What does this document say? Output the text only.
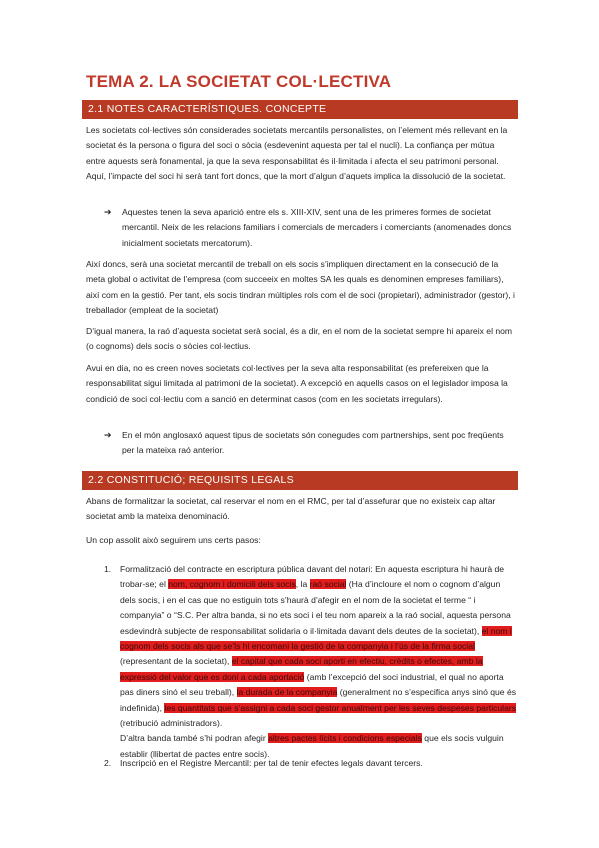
TEMA 2. LA SOCIETAT COL·LECTIVA
2.1 NOTES CARACTERÍSTIQUES. CONCEPTE

Les societats col·lectives són considerades societats mercantils personalistes, on l’element més rellevant en la societat és la persona o figura del soci o sòcia (esdevenint aquesta per tal el nucli). La confiança per mútua entre aquests serà fonamental, ja que la seva responsabilitat és il·limitada i afecta el seu patrimoni personal. Aquí, l’impacte del soci hi serà tant fort doncs, que la mort d’algun d’aquets implica la dissolució de la societat.

➔ Aquestes tenen la seva aparició entre els s. XIII-XIV, sent una de les primeres formes de societat mercantil. Neix de les relacions familiars i comercials de mercaders i comerciants (anomenades doncs inicialment societats mercatorum).

Així doncs, serà una societat mercantil de treball on els socis s’impliquen directament en la consecució de la meta global o activitat de l’empresa (com succeeix en moltes SA les quals es denominen empreses familiars), així com en la gestió. Per tant, els socis tindran múltiples rols com el de soci (propietari), administrador (gestor), i treballador (empleat de la societat)

D’igual manera, la raó d’aquesta societat serà social, és a dir, en el nom de la societat sempre hi apareix el nom (o cognoms) dels socis o sòcies col·lectius.

Avui en dia, no es creen noves societats col·lectives per la seva alta responsabilitat (es prefereixen que la responsabilitat sigui limitada al patrimoni de la societat). A excepció en aquells casos on el legislador imposa la condició de soci col·lectiu com a sanció en determinat casos (com en les societats irregulars).

➔ En el món anglosaxó aquest tipus de societats són conegudes com partnerships, sent poc freqüents per la mateixa raó anterior.
2.2 CONSTITUCIÓ; REQUISITS LEGALS

Abans de formalitzar la societat, cal reservar el nom en el RMC, per tal d’assefurar que no existeix cap altar societat amb la mateixa denominació.

Un cop assolit això seguirem uns certs pasos:

1. Formalització del contracte en escriptura pública davant del notari: En aquesta escriptura hi haurà de trobar-se; el nom, cognom i domicili dels socis, la raó social (Ha d’incloure el nom o cognom d’algun dels socis, i en el cas que no estiguin tots s’haurà d’afegir en el nom de la societat el terme “ i companyia” o “S.C. Per altra banda, si no ets soci i el teu nom apareix a la raó social, aquesta persona esdevindrà subjecte de responsabilitat solidaria o il·limitada davant dels deutes de la societat), el nom i cognom dels socis als que se’ls hi encomani la gestió de la companyia i l’ús de la firma social (representant de la societat), el capital que cada soci aporti en efectiu, crèdits o efectes, amb la expressió del valor que es doni a cada aportació (amb l’excepció del soci industrial, el qual no aporta pas diners sinó el seu treball), la durada de la companyia (generalment no s’especifica anys sinó que és indefinida), les quantitats que s’assigni a cada soci gestor anualment per les seves despeses particulars (retribució administradors).
D’altra banda també s’hi podran afegir altres pactes lícits i condicions especials que els socis vulguin establir (llibertat de pactes entre socis).
2. Inscripció en el Registre Mercantil: per tal de tenir efectes legals davant tercers.
